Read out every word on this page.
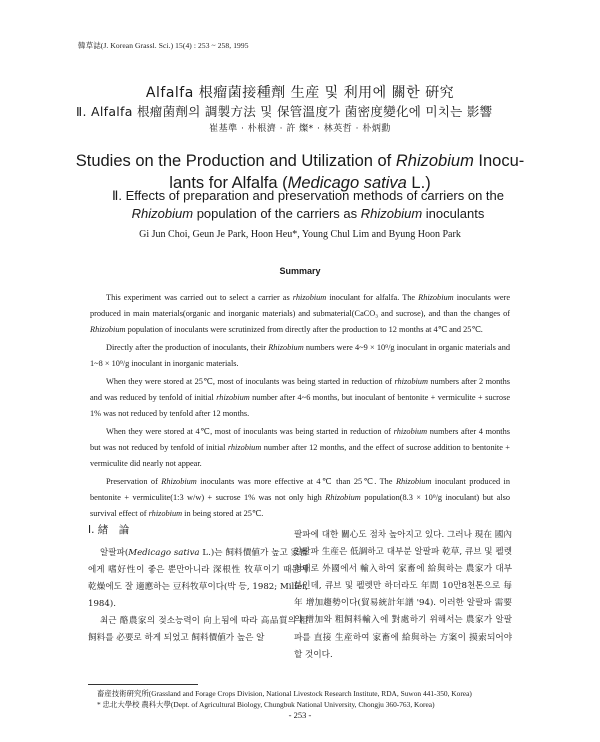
韓草誌(J. Korean Grassl. Sci.) 15(4) : 253 ~ 258, 1995
Alfalfa 根瘤菌接種劑 生産 및 利用에 關한 硏究
Ⅱ. Alfalfa 根瘤菌劑의 調製方法 및 保管溫度가 菌密度變化에 미치는 影響
崔基準 · 朴根濟 · 許 燦* · 林英哲 · 朴炳勳
Studies on the Production and Utilization of Rhizobium Inocu-
lants for Alfalfa (Medicago sativa L.)
Ⅱ. Effects of preparation and preservation methods of carriers on the
Rhizobium population of the carriers as Rhizobium inoculants
Gi Jun Choi, Geun Je Park, Hoon Heu*, Young Chul Lim and Byung Hoon Park
Summary

This experiment was carried out to select a carrier as rhizobium inoculant for alfalfa. The Rhizobium inoculants were produced in main materials(organic and inorganic materials) and submaterial(CaCO₃ and sucrose), and than the changes of Rhizobium population of inoculants were scrutinized from directly after the production to 12 months at 4℃ and 25℃.

Directly after the production of inoculants, their Rhizobium numbers were 4~9 × 10⁹/g inoculant in organic materials and 1~8 × 10⁹/g inoculant in inorganic materials.

When they were stored at 25℃, most of inoculants was being started in reduction of rhizobium numbers after 2 months and was reduced by tenfold of initial rhizobium number after 4~6 months, but inoculant of bentonite + vermiculite + sucrose 1% was not reduced by tenfold after 12 months.

When they were stored at 4℃, most of inoculants was being started in reduction of rhizobium numbers after 4 months but was not reduced by tenfold of initial rhizobium number after 12 months, and the effect of sucrose addition to bentonite + vermiculite did nearly not appear.

Preservation of Rhizobium inoculants was more effective at 4℃ than 25℃. The Rhizobium inoculant produced in bentonite + vermiculite(1:3 w/w) + sucrose 1% was not only high Rhizobium population(8.3 × 10⁹/g inoculant) but also survival effect of rhizobium in being stored at 25℃.

Ⅰ. 緖　論

알팔파(Medicago sativa L.)는 飼料價値가 높고 家畜에게 嗜好性이 좋은 뿐만아니라 深根性 牧草이기 때문에 乾燥에도 잘 適應하는 豆科牧草이다(박 등, 1982; Miller, 1984).

최근 酪農家의 젖소능력이 向上됨에 따라 高品質의 粗飼料를 必要로 하게 되었고 飼料價値가 높은 알

팔파에 대한 關心도 점차 높아지고 있다. 그러나 現在 國內 알팔파 生産은 低調하고 대부분 알팔파 乾草, 큐브 및 펠렛형태로 外國에서 輸入하여 家畜에 給與하는 農家가 대부분인데, 큐브 및 펠렛만 하더라도 年間 10만8천톤으로 每年 增加趨勢이다(貿易統計年譜 '94). 이러한 알팔파 需要의 增加와 粗飼料輸入에 對處하기 위해서는 農家가 알팔파를 直接 生産하여 家畜에 給與하는 方案이 摸索되어야 할 것이다.

畜産技術硏究所(Grassland and Forage Crops Division, National Livestock Research Institute, RDA, Suwon 441-350, Korea)
* 忠北大學校 農科大學(Dept. of Agricultural Biology, Chungbuk National University, Chongju 360-763, Korea)
- 253 -
